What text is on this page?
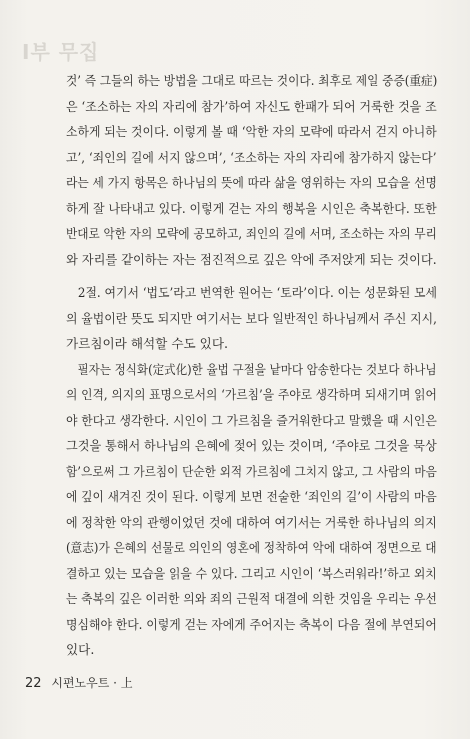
I부 무집
것’ 즉 그들의 하는 방법을 그대로 따르는 것이다. 최후로 제일 중증(重症)
은 ‘조소하는 자의 자리에 참가’하여 자신도 한패가 되어 거룩한 것을 조
소하게 되는 것이다. 이렇게 볼 때 ‘악한 자의 모략에 따라서 걷지 아니하
고’, ‘죄인의 길에 서지 않으며’, ‘조소하는 자의 자리에 참가하지 않는다’
라는 세 가지 항목은 하나님의 뜻에 따라 삶을 영위하는 자의 모습을 선명
하게 잘 나타내고 있다. 이렇게 걷는 자의 행복을 시인은 축복한다. 또한
반대로 악한 자의 모략에 공모하고, 죄인의 길에 서며, 조소하는 자의 무리
와 자리를 같이하는 자는 점진적으로 깊은 악에 주저앉게 되는 것이다.
　2절. 여기서 ‘법도’라고 번역한 원어는 ‘토라’이다. 이는 성문화된 모세
의 율법이란 뜻도 되지만 여기서는 보다 일반적인 하나님께서 주신 지시,
가르침이라 해석할 수도 있다.
　필자는 정식화(定式化)한 율법 구절을 낱마다 암송한다는 것보다 하나님
의 인격, 의지의 표명으로서의 ‘가르침’을 주야로 생각하며 되새기며 읽어
야 한다고 생각한다. 시인이 그 가르침을 즐거워한다고 말했을 때 시인은
그것을 통해서 하나님의 은혜에 젖어 있는 것이며, ‘주야로 그것을 묵상
함’으로써 그 가르침이 단순한 외적 가르침에 그치지 않고, 그 사람의 마음
에 깊이 새겨진 것이 된다. 이렇게 보면 전술한 ‘죄인의 길’이 사람의 마음
에 정착한 악의 관행이었던 것에 대하여 여기서는 거룩한 하나님의 의지
(意志)가 은혜의 선물로 의인의 영혼에 정착하여 악에 대하여 정면으로 대
결하고 있는 모습을 읽을 수 있다. 그리고 시인이 ‘복스러워라!’하고 외치
는 축복의 깊은 이러한 의와 죄의 근원적 대결에 의한 것임을 우리는 우선
명심해야 한다. 이렇게 걷는 자에게 주어지는 축복이 다음 절에 부연되어
있다.
22 시편노우트 · 上
